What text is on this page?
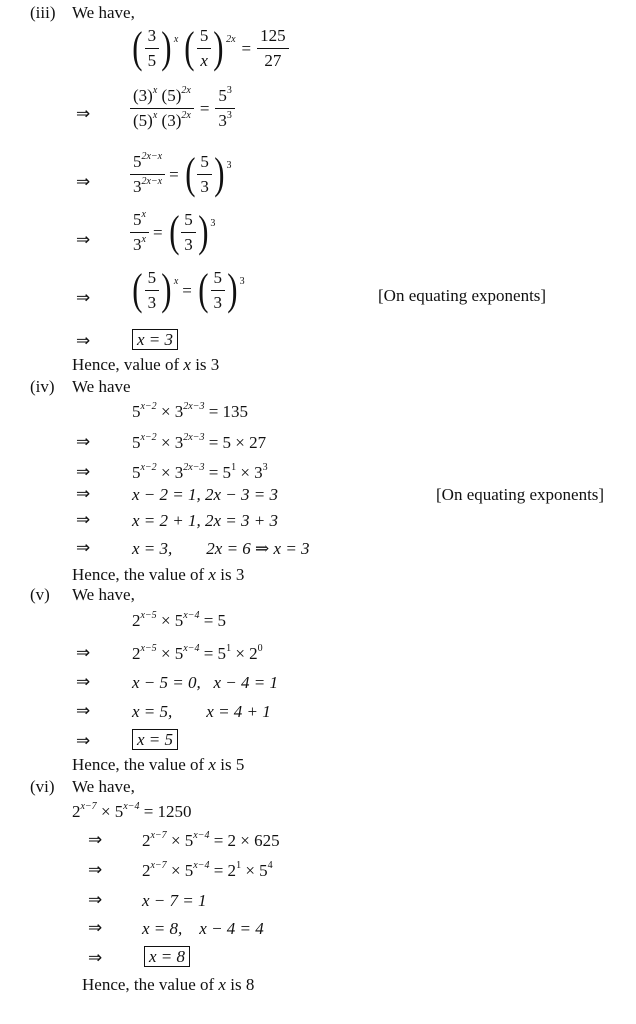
(iii) We have,
( $\frac{3}{5} )^x$ ( $\frac{5}{x} )^{2x} = \frac{125}{27}$
⇒ $\frac{(3)^x (5)^{2x}}{(5)^x (3)^{2x}} = \frac{5^3}{3^3}$
⇒ $\frac{5^{2x-x}}{3^{2x-x}}$ = ( $\frac{5}{3} )^3$
⇒ $\frac{5^x}{3^x}$ = ( $\frac{5}{3} )^3$
⇒ ( $\frac{5}{3} )^x$ = ( $\frac{5}{3} )^3$
[On equating exponents]
⇒	x = 3
Hence, value of x is 3
(iv) We have
$5^{x-2} \times 3^{2x-3} = 135$
⇒ $5^{x-2} \times 3^{2x-3} = 5 \times 27$
⇒ $5^{x-2} \times 3^{2x-3} = 5^1 \times 3^3$
⇒ x − 2 = 1, 2x − 3 = 3	[On equating exponents]
⇒ x = 2 + 1, 2x = 3 + 3
⇒ x = 3,        2x = 6 ⇒ x = 3
Hence, the value of x is 3
(v) We have,
$2^{x-5} \times 5^{x-4} = 5$
⇒ $2^{x-5} \times 5^{x-4} = 5^1 \times 2^0$
⇒ x − 5 = 0,   x − 4 = 1
⇒ x = 5,        x = 4 + 1
⇒	x = 5
Hence, the value of x is 5
(vi) We have,
$2^{x-7} \times 5^{x-4} = 1250$
⇒ $2^{x-7} \times 5^{x-4} = 2 \times 625$
⇒ $2^{x-7} \times 5^{x-4} = 2^1 \times 5^4$
⇒ x − 7 = 1
⇒ x = 8,    x − 4 = 4
⇒	x = 8
Hence, the value of x is 8
